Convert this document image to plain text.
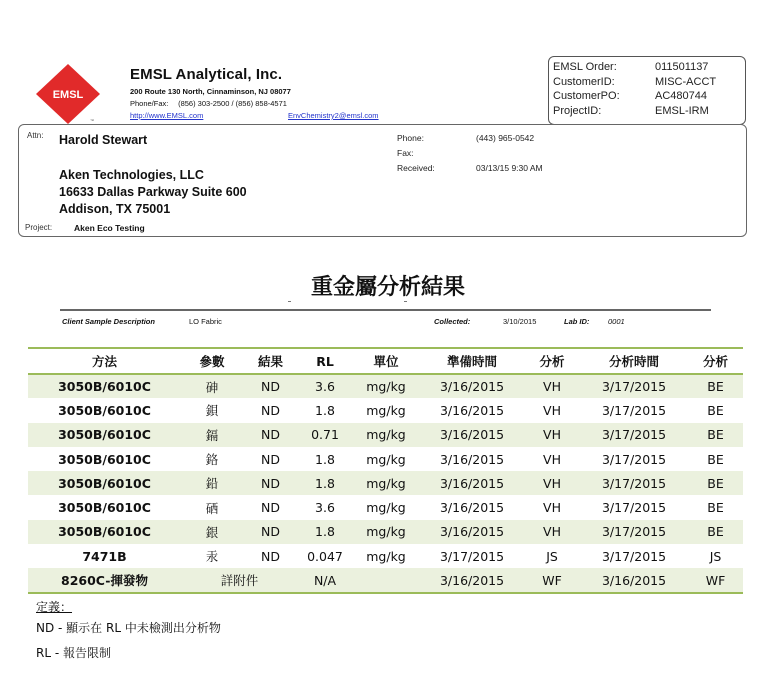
EMSL
™
EMSL Analytical, Inc.
200 Route 130 North, Cinnaminson, NJ 08077
Phone/Fax: (856) 303-2500 / (856) 858-4571
http://www.EMSL.com	EnvChemistry2@emsl.com
EMSL Order:	011501137
CustomerID:	MISC-ACCT
CustomerPO:	AC480744
ProjectID:	EMSL-IRM
Attn: Harold Stewart
Aken Technologies, LLC
16633 Dallas Parkway Suite 600
Addison, TX 75001
Project:	Aken Eco Testing
Phone:	(443) 965-0542
Fax:
Received:	03/13/15 9:30 AM
重金屬分析結果
Client Sample Description	LO Fabric	Collected:	3/10/2015	Lab ID: 0001
方法	參數	結果	RL	單位	準備時間	分析	分析時間	分析
3050B/6010C	砷	ND	3.6	mg/kg	3/16/2015	VH	3/17/2015	BE
3050B/6010C	鋇	ND	1.8	mg/kg	3/16/2015	VH	3/17/2015	BE
3050B/6010C	鎘	ND	0.71	mg/kg	3/16/2015	VH	3/17/2015	BE
3050B/6010C	鉻	ND	1.8	mg/kg	3/16/2015	VH	3/17/2015	BE
3050B/6010C	鉛	ND	1.8	mg/kg	3/16/2015	VH	3/17/2015	BE
3050B/6010C	硒	ND	3.6	mg/kg	3/16/2015	VH	3/17/2015	BE
3050B/6010C	銀	ND	1.8	mg/kg	3/16/2015	VH	3/17/2015	BE
7471B	汞	ND	0.047	mg/kg	3/17/2015	JS	3/17/2015	JS
8260C-揮發物	詳附件		N/A		3/16/2015	WF	3/16/2015	WF
定義：
ND - 顯示在 RL 中未檢測出分析物
RL - 報告限制
